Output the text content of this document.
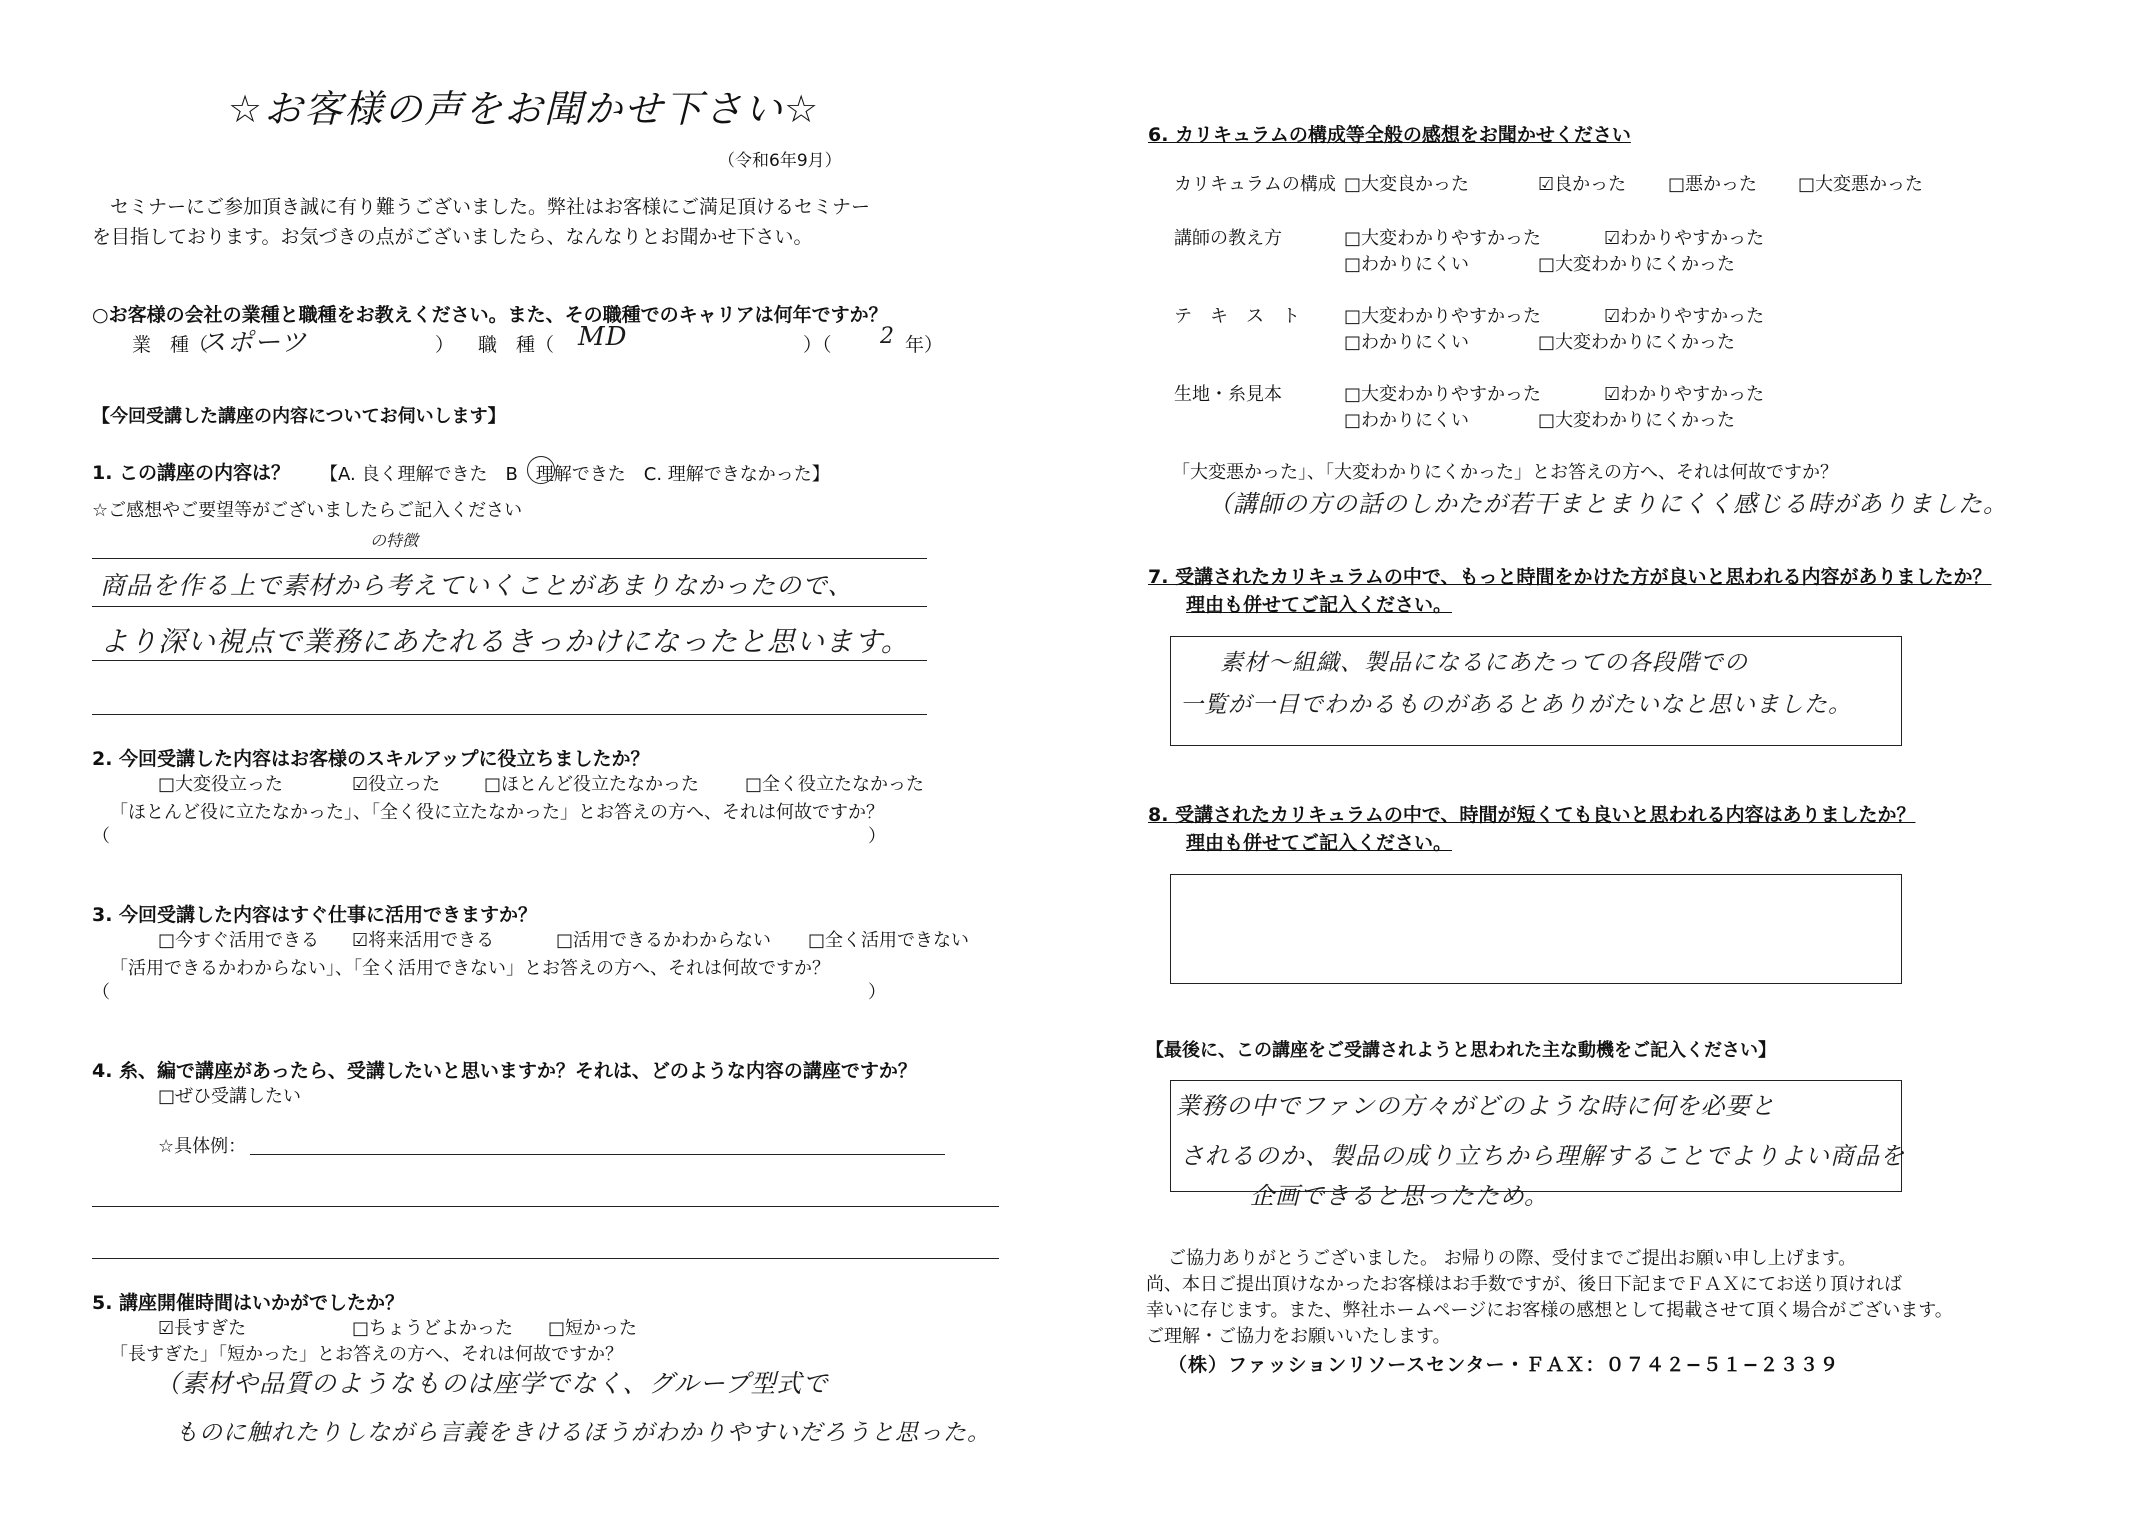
☆お客様の声をお聞かせ下さい☆
（令和6年9月）
セミナーにご参加頂き誠に有り難うございました。弊社はお客様にご満足頂けるセミナー
を目指しております。お気づきの点がございましたら、なんなりとお聞かせ下さい。
○お客様の会社の業種と職種をお教えください。また、その職種でのキャリアは何年ですか？
業　種（
スポーツ	） 職　種（ MD	）（ 2 年）
【今回受講した講座の内容についてお伺いします】
1. この講座の内容は？ 【A. 良く理解できた　B　理解できた　C. 理解できなかった】
☆ご感想やご要望等がございましたらご記入ください
の特徴
商品を作る上で素材から考えていくことがあまりなかったので、
より深い視点で業務にあたれるきっかけになったと思います。
2. 今回受講した内容はお客様のスキルアップに役立ちましたか？
□大変役立った	☑役立った □ほとんど役立たなかった	□全く役立たなかった
「ほとんど役に立たなかった」、「全く役に立たなかった」とお答えの方へ、それは何故ですか？
（	）
3. 今回受講した内容はすぐ仕事に活用できますか？
□今すぐ活用できる ☑将来活用できる	□活用できるかわからない □全く活用できない
「活用できるかわからない」、「全く活用できない」とお答えの方へ、それは何故ですか？
（	）
4. 糸、編で講座があったら、受講したいと思いますか？それは、どのような内容の講座ですか？
□ぜひ受講したい
☆具体例：
5. 講座開催時間はいかがでしたか？
☑長すぎた	□ちょうどよかった □短かった
「長すぎた」「短かった」とお答えの方へ、それは何故ですか？
（素材や品質のようなものは座学でなく、グループ型式で
ものに触れたりしながら言義をきけるほうがわかりやすいだろうと思った。
6. カリキュラムの構成等全般の感想をお聞かせください
カリキュラムの構成 □大変良かった	☑良かった □悪かった □大変悪かった
講師の教え方	□大変わかりやすかった	☑わかりやすかった
□わかりにくい	□大変わかりにくかった
テ　キ　ス　ト □大変わかりやすかった	☑わかりやすかった
□わかりにくい	□大変わかりにくかった
生地・糸見本	□大変わかりやすかった	☑わかりやすかった
□わかりにくい	□大変わかりにくかった
「大変悪かった」、「大変わかりにくかった」とお答えの方へ、それは何故ですか？
（講師の方の話のしかたが若干まとまりにくく感じる時がありました。
7. 受講されたカリキュラムの中で、もっと時間をかけた方が良いと思われる内容がありましたか？
理由も併せてご記入ください。
素材〜組織、製品になるにあたっての各段階での
一覧が一目でわかるものがあるとありがたいなと思いました。
8. 受講されたカリキュラムの中で、時間が短くても良いと思われる内容はありましたか？
理由も併せてご記入ください。
【最後に、この講座をご受講されようと思われた主な動機をご記入ください】
業務の中でファンの方々がどのような時に何を必要と
されるのか、製品の成り立ちから理解することでよりよい商品を
企画できると思ったため。
ご協力ありがとうございました。 お帰りの際、受付までご提出お願い申し上げます。
尚、本日ご提出頂けなかったお客様はお手数ですが、後日下記までＦＡＸにてお送り頂ければ
幸いに存じます。また、弊社ホームページにお客様の感想として掲載させて頂く場合がございます。
ご理解・ご協力をお願いいたします。
（株）ファッションリソースセンター・ＦＡＸ：０７４２−５１−２３３９
